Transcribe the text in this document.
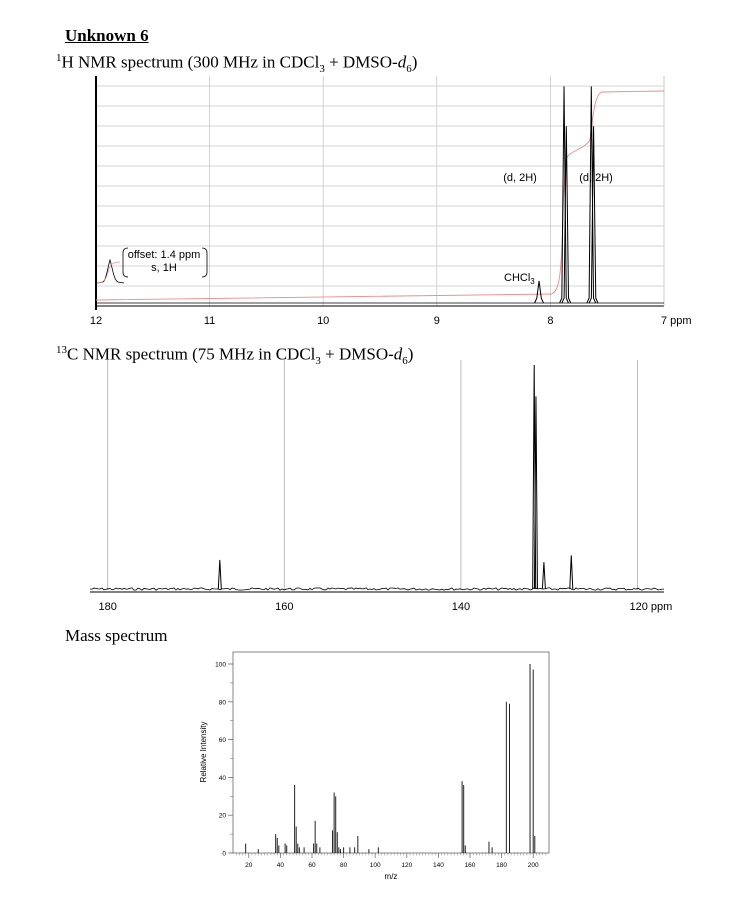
Unknown 6
$^1$H NMR spectrum (300 MHz in CDCl$_3$ + DMSO-$d_6$)
$^{13}$C NMR spectrum (75 MHz in CDCl$_3$ + DMSO-$d_6$)
Mass spectrum
12	11	10	9	8	7 ppm
(d, 2H)	(d, 2H)
CHCl$_3$
offset: 1.4 ppm
s, 1H
180	160	140	120 ppm
0
20
40
60
80
100
20	40	60	80	100	120	140	160	180	200
m/z
Relative Intensity
